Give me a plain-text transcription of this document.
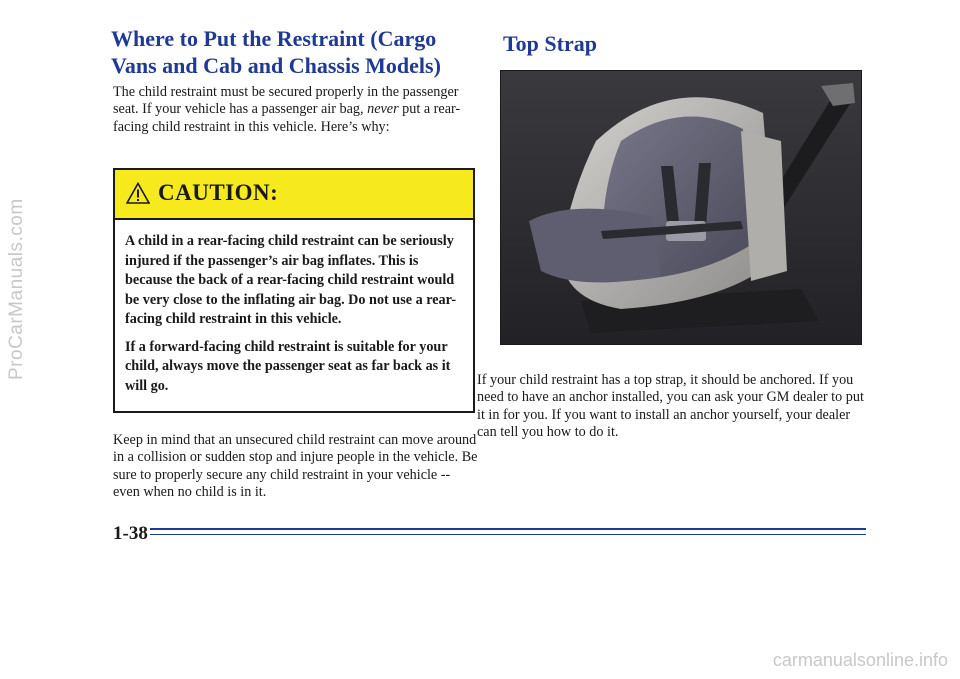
Where to Put the Restraint (Cargo Vans and Cab and Chassis Models)

The child restraint must be secured properly in the passenger seat. If your vehicle has a passenger air bag, never put a rear-facing child restraint in this vehicle. Here’s why:

CAUTION:

A child in a rear-facing child restraint can be seriously injured if the passenger’s air bag inflates. This is because the back of a rear-facing child restraint would be very close to the inflating air bag. Do not use a rear-facing child restraint in this vehicle.

If a forward-facing child restraint is suitable for your child, always move the passenger seat as far back as it will go.

Keep in mind that an unsecured child restraint can move around in a collision or sudden stop and injure people in the vehicle. Be sure to properly secure any child restraint in your vehicle -- even when no child is in it.

Top Strap

If your child restraint has a top strap, it should be anchored. If you need to have an anchor installed, you can ask your GM dealer to put it in for you. If you want to install an anchor yourself, your dealer can tell you how to do it.

1-38
ProCarManuals.com
carmanualsonline.info
